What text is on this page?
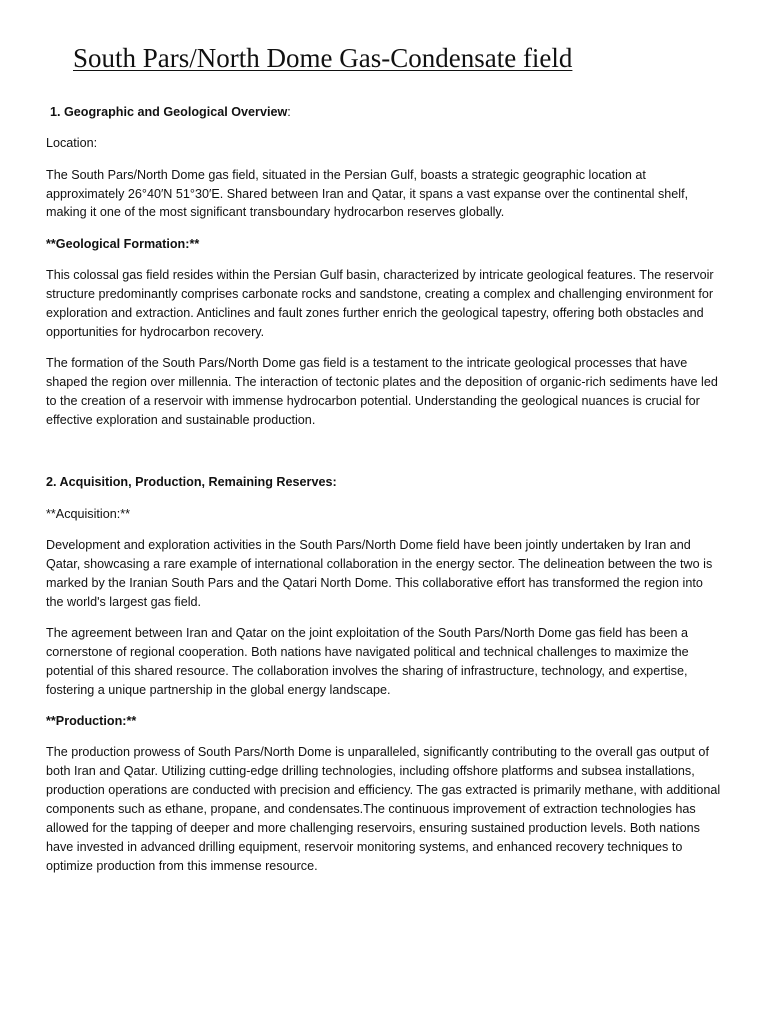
South Pars/North Dome Gas-Condensate field

1. Geographic and Geological Overview:

Location:

The South Pars/North Dome gas field, situated in the Persian Gulf, boasts a strategic geographic location at approximately 26°40′N 51°30′E. Shared between Iran and Qatar, it spans a vast expanse over the continental shelf, making it one of the most significant transboundary hydrocarbon reserves globally.

**Geological Formation:**

This colossal gas field resides within the Persian Gulf basin, characterized by intricate geological features. The reservoir structure predominantly comprises carbonate rocks and sandstone, creating a complex and challenging environment for exploration and extraction. Anticlines and fault zones further enrich the geological tapestry, offering both obstacles and opportunities for hydrocarbon recovery.

The formation of the South Pars/North Dome gas field is a testament to the intricate geological processes that have shaped the region over millennia. The interaction of tectonic plates and the deposition of organic-rich sediments have led to the creation of a reservoir with immense hydrocarbon potential. Understanding the geological nuances is crucial for effective exploration and sustainable production.

2. Acquisition, Production, Remaining Reserves:

**Acquisition:**

Development and exploration activities in the South Pars/North Dome field have been jointly undertaken by Iran and Qatar, showcasing a rare example of international collaboration in the energy sector. The delineation between the two is marked by the Iranian South Pars and the Qatari North Dome. This collaborative effort has transformed the region into the world's largest gas field.

The agreement between Iran and Qatar on the joint exploitation of the South Pars/North Dome gas field has been a cornerstone of regional cooperation. Both nations have navigated political and technical challenges to maximize the potential of this shared resource. The collaboration involves the sharing of infrastructure, technology, and expertise, fostering a unique partnership in the global energy landscape.

**Production:**

The production prowess of South Pars/North Dome is unparalleled, significantly contributing to the overall gas output of both Iran and Qatar. Utilizing cutting-edge drilling technologies, including offshore platforms and subsea installations, production operations are conducted with precision and efficiency. The gas extracted is primarily methane, with additional components such as ethane, propane, and condensates.The continuous improvement of extraction technologies has allowed for the tapping of deeper and more challenging reservoirs, ensuring sustained production levels. Both nations have invested in advanced drilling equipment, reservoir monitoring systems, and enhanced recovery techniques to optimize production from this immense resource.
